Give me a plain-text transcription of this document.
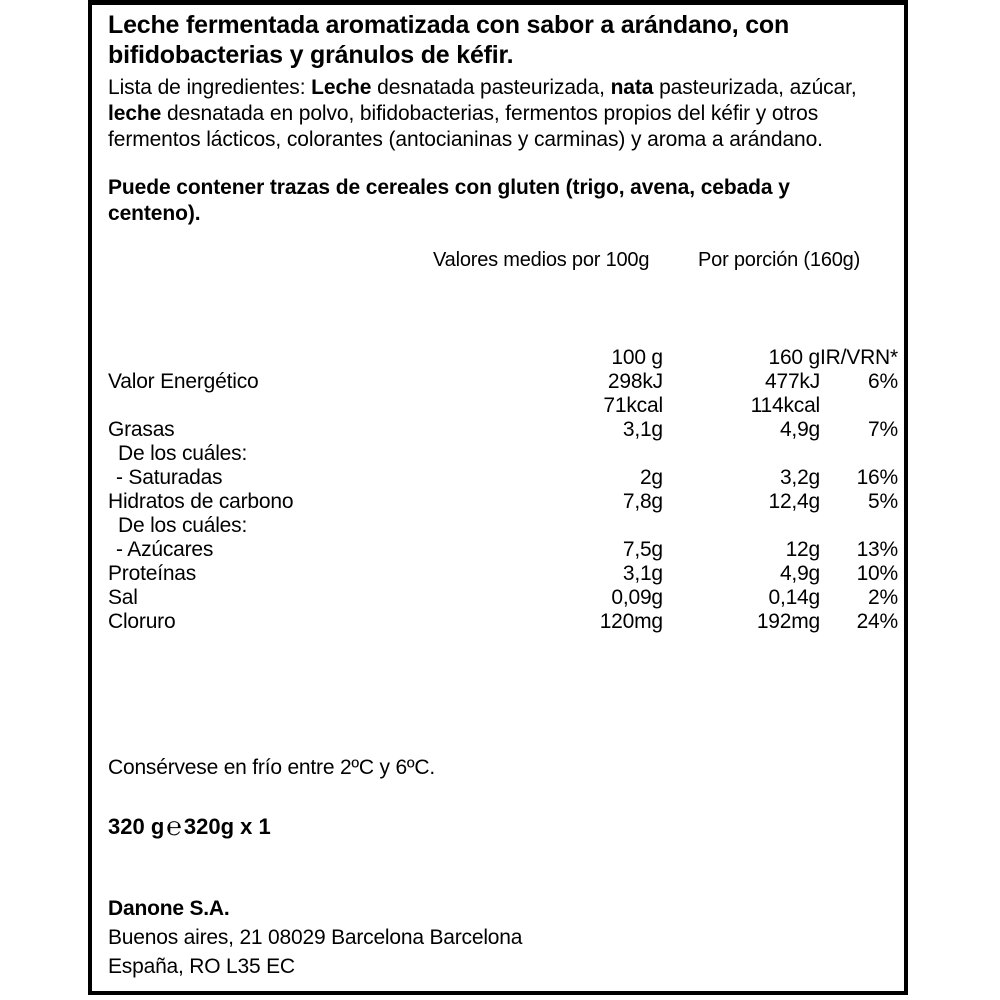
Leche fermentada aromatizada con sabor a arándano, con bifidobacterias y gránulos de kéfir.
Lista de ingredientes: Leche desnatada pasteurizada, nata pasteurizada, azúcar, leche desnatada en polvo, bifidobacterias, fermentos propios del kéfir y otros fermentos lácticos, colorantes (antocianinas y carminas) y aroma a arándano.
Puede contener trazas de cereales con gluten (trigo, avena, cebada y centeno).
Valores medios por 100g Por porción (160g)
	100 g	160 g	IR/VRN*
Valor Energético	298kJ	477kJ	6%
	71kcal	114kcal	
Grasas	3,1g	4,9g	7%
De los cuáles:			
- Saturadas	2g	3,2g	16%
Hidratos de carbono	7,8g	12,4g	5%
De los cuáles:			
- Azúcares	7,5g	12g	13%
Proteínas	3,1g	4,9g	10%
Sal	0,09g	0,14g	2%
Cloruro	120mg	192mg	24%
Consérvese en frío entre 2ºC y 6ºC.
320 g℮320g x 1
Danone S.A.
Buenos aires, 21 08029 Barcelona Barcelona
España, RO L35 EC
